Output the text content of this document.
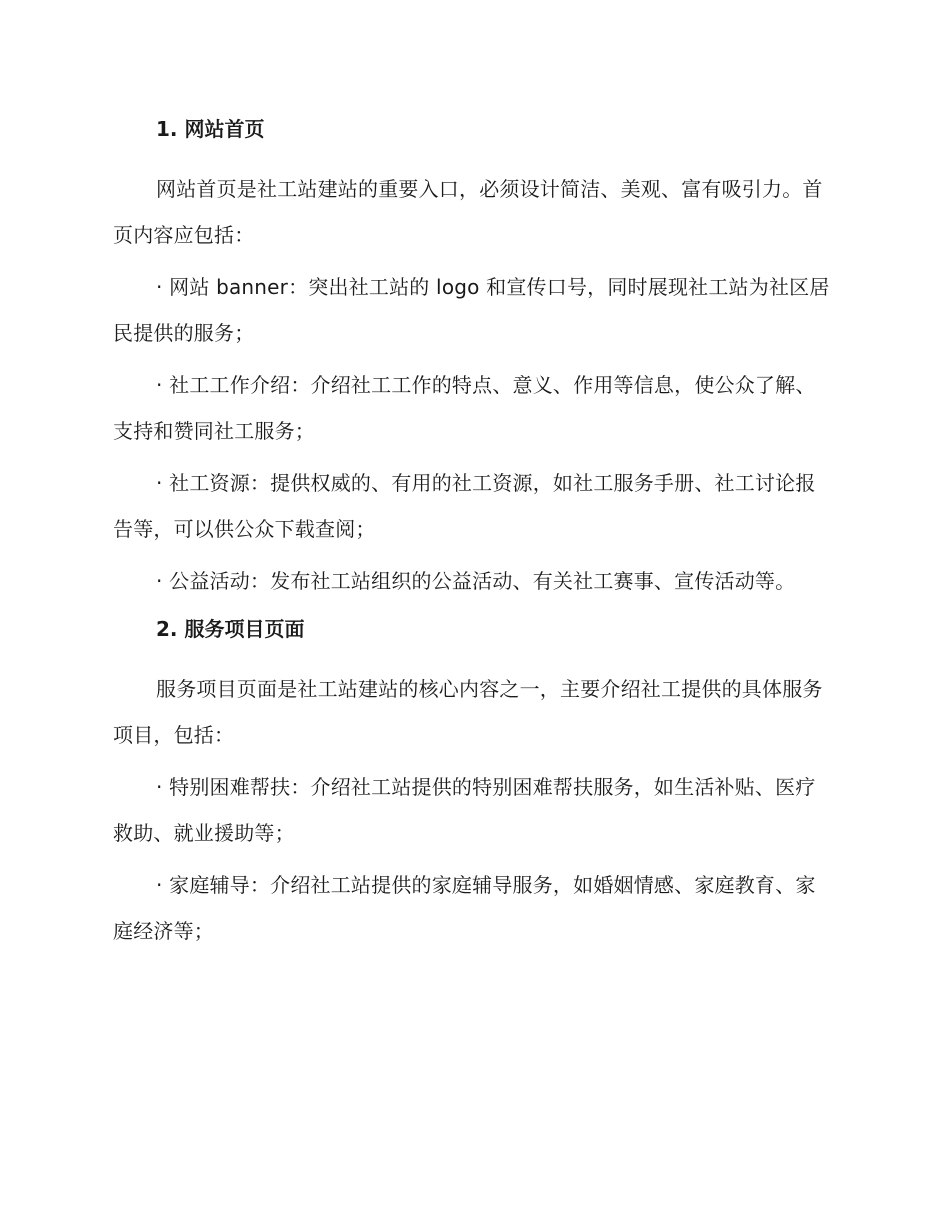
1. 网站首页

网站首页是社工站建站的重要入口，必须设计简洁、美观、富有吸引力。首页内容应包括：

· 网站 banner：突出社工站的 logo 和宣传口号，同时展现社工站为社区居民提供的服务；

· 社工工作介绍：介绍社工工作的特点、意义、作用等信息，使公众了解、支持和赞同社工服务；

· 社工资源：提供权威的、有用的社工资源，如社工服务手册、社工讨论报告等，可以供公众下载查阅；

· 公益活动：发布社工站组织的公益活动、有关社工赛事、宣传活动等。

2. 服务项目页面

服务项目页面是社工站建站的核心内容之一，主要介绍社工提供的具体服务项目，包括：

· 特别困难帮扶：介绍社工站提供的特别困难帮扶服务，如生活补贴、医疗救助、就业援助等；

· 家庭辅导：介绍社工站提供的家庭辅导服务，如婚姻情感、家庭教育、家庭经济等；
